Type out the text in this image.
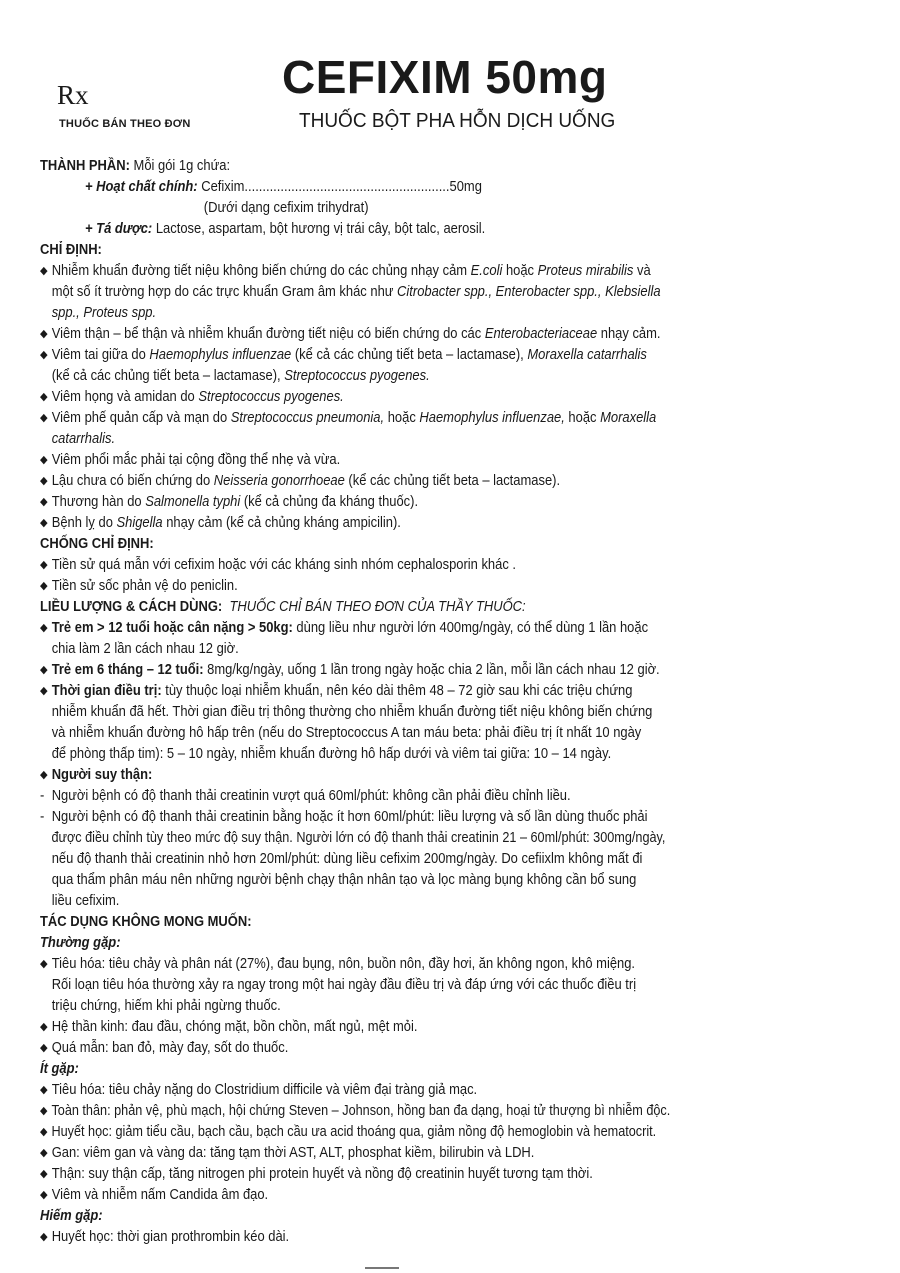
Rx
THUỐC BÁN THEO ĐƠN
CEFIXIM 50mg
THUỐC BỘT PHA HỖN DỊCH UỐNG
THÀNH PHẦN: Mỗi gói 1g chứa:
+ Hoạt chất chính: Cefixim.........................................................50mg
(Dưới dạng cefixim trihydrat)
+ Tá dược: Lactose, aspartam, bột hương vị trái cây, bột talc, aerosil.
CHỈ ĐỊNH:
◆ Nhiễm khuẩn đường tiết niệu không biến chứng do các chủng nhạy cảm E.coli hoặc Proteus mirabilis và
một số ít trường hợp do các trực khuẩn Gram âm khác như Citrobacter spp., Enterobacter spp., Klebsiella
spp., Proteus spp.
◆ Viêm thận – bể thận và nhiễm khuẩn đường tiết niệu có biến chứng do các Enterobacteriaceae nhạy cảm.
◆ Viêm tai giữa do Haemophylus influenzae (kể cả các chủng tiết beta – lactamase), Moraxella catarrhalis
(kể cả các chủng tiết beta – lactamase), Streptococcus pyogenes.
◆ Viêm họng và amidan do Streptococcus pyogenes.
◆ Viêm phế quản cấp và mạn do Streptococcus pneumonia, hoặc Haemophylus influenzae, hoặc Moraxella
catarrhalis.
◆ Viêm phổi mắc phải tại cộng đồng thể nhẹ và vừa.
◆ Lậu chưa có biến chứng do Neisseria gonorrhoeae (kể các chủng tiết beta – lactamase).
◆ Thương hàn do Salmonella typhi (kể cả chủng đa kháng thuốc).
◆ Bệnh lỵ do Shigella nhạy cảm (kể cả chủng kháng ampicilin).
CHỐNG CHỈ ĐỊNH:
◆ Tiền sử quá mẫn với cefixim hoặc với các kháng sinh nhóm cephalosporin khác .
◆ Tiền sử sốc phản vệ do peniclin.
LIỀU LƯỢNG & CÁCH DÙNG: THUỐC CHỈ BÁN THEO ĐƠN CỦA THẦY THUỐC:
◆ Trẻ em > 12 tuổi hoặc cân nặng > 50kg: dùng liều như người lớn 400mg/ngày, có thể dùng 1 lần hoặc
chia làm 2 lần cách nhau 12 giờ.
◆ Trẻ em 6 tháng – 12 tuổi: 8mg/kg/ngày, uống 1 lần trong ngày hoặc chia 2 lần, mỗi lần cách nhau 12 giờ.
◆ Thời gian điều trị: tùy thuộc loại nhiễm khuẩn, nên kéo dài thêm 48 – 72 giờ sau khi các triệu chứng
nhiễm khuẩn đã hết. Thời gian điều trị thông thường cho nhiễm khuẩn đường tiết niệu không biến chứng
và nhiễm khuẩn đường hô hấp trên (nếu do Streptococcus A tan máu beta: phải điều trị ít nhất 10 ngày
để phòng thấp tim): 5 – 10 ngày, nhiễm khuẩn đường hô hấp dưới và viêm tai giữa: 10 – 14 ngày.
◆ Người suy thận:
- Người bệnh có độ thanh thải creatinin vượt quá 60ml/phút: không cần phải điều chỉnh liều.
- Người bệnh có độ thanh thải creatinin bằng hoặc ít hơn 60ml/phút: liều lượng và số lần dùng thuốc phải
được điều chỉnh tùy theo mức độ suy thận. Người lớn có độ thanh thải creatinin 21 – 60ml/phút: 300mg/ngày,
nếu độ thanh thải creatinin nhỏ hơn 20ml/phút: dùng liều cefixim 200mg/ngày. Do cefiixlm không mất đi
qua thẩm phân máu nên những người bệnh chạy thận nhân tạo và lọc màng bụng không cần bổ sung
liều cefixim.
TÁC DỤNG KHÔNG MONG MUỐN:
Thường gặp:
◆ Tiêu hóa: tiêu chảy và phân nát (27%), đau bụng, nôn, buồn nôn, đầy hơi, ăn không ngon, khô miệng.
Rối loạn tiêu hóa thường xảy ra ngay trong một hai ngày đầu điều trị và đáp ứng với các thuốc điều trị
triệu chứng, hiếm khi phải ngừng thuốc.
◆ Hệ thần kinh: đau đầu, chóng mặt, bồn chồn, mất ngủ, mệt mỏi.
◆ Quá mẫn: ban đỏ, mày đay, sốt do thuốc.
Ít gặp:
◆ Tiêu hóa: tiêu chảy nặng do Clostridium difficile và viêm đại tràng giả mạc.
◆ Toàn thân: phản vệ, phù mạch, hội chứng Steven – Johnson, hồng ban đa dạng, hoại tử thượng bì nhiễm độc.
◆ Huyết học: giảm tiểu cầu, bạch cầu, bạch cầu ưa acid thoáng qua, giảm nồng độ hemoglobin và hematocrit.
◆ Gan: viêm gan và vàng da: tăng tạm thời AST, ALT, phosphat kiềm, bilirubin và LDH.
◆ Thận: suy thận cấp, tăng nitrogen phi protein huyết và nồng độ creatinin huyết tương tạm thời.
◆ Viêm và nhiễm nấm Candida âm đạo.
Hiếm gặp:
◆ Huyết học: thời gian prothrombin kéo dài.
